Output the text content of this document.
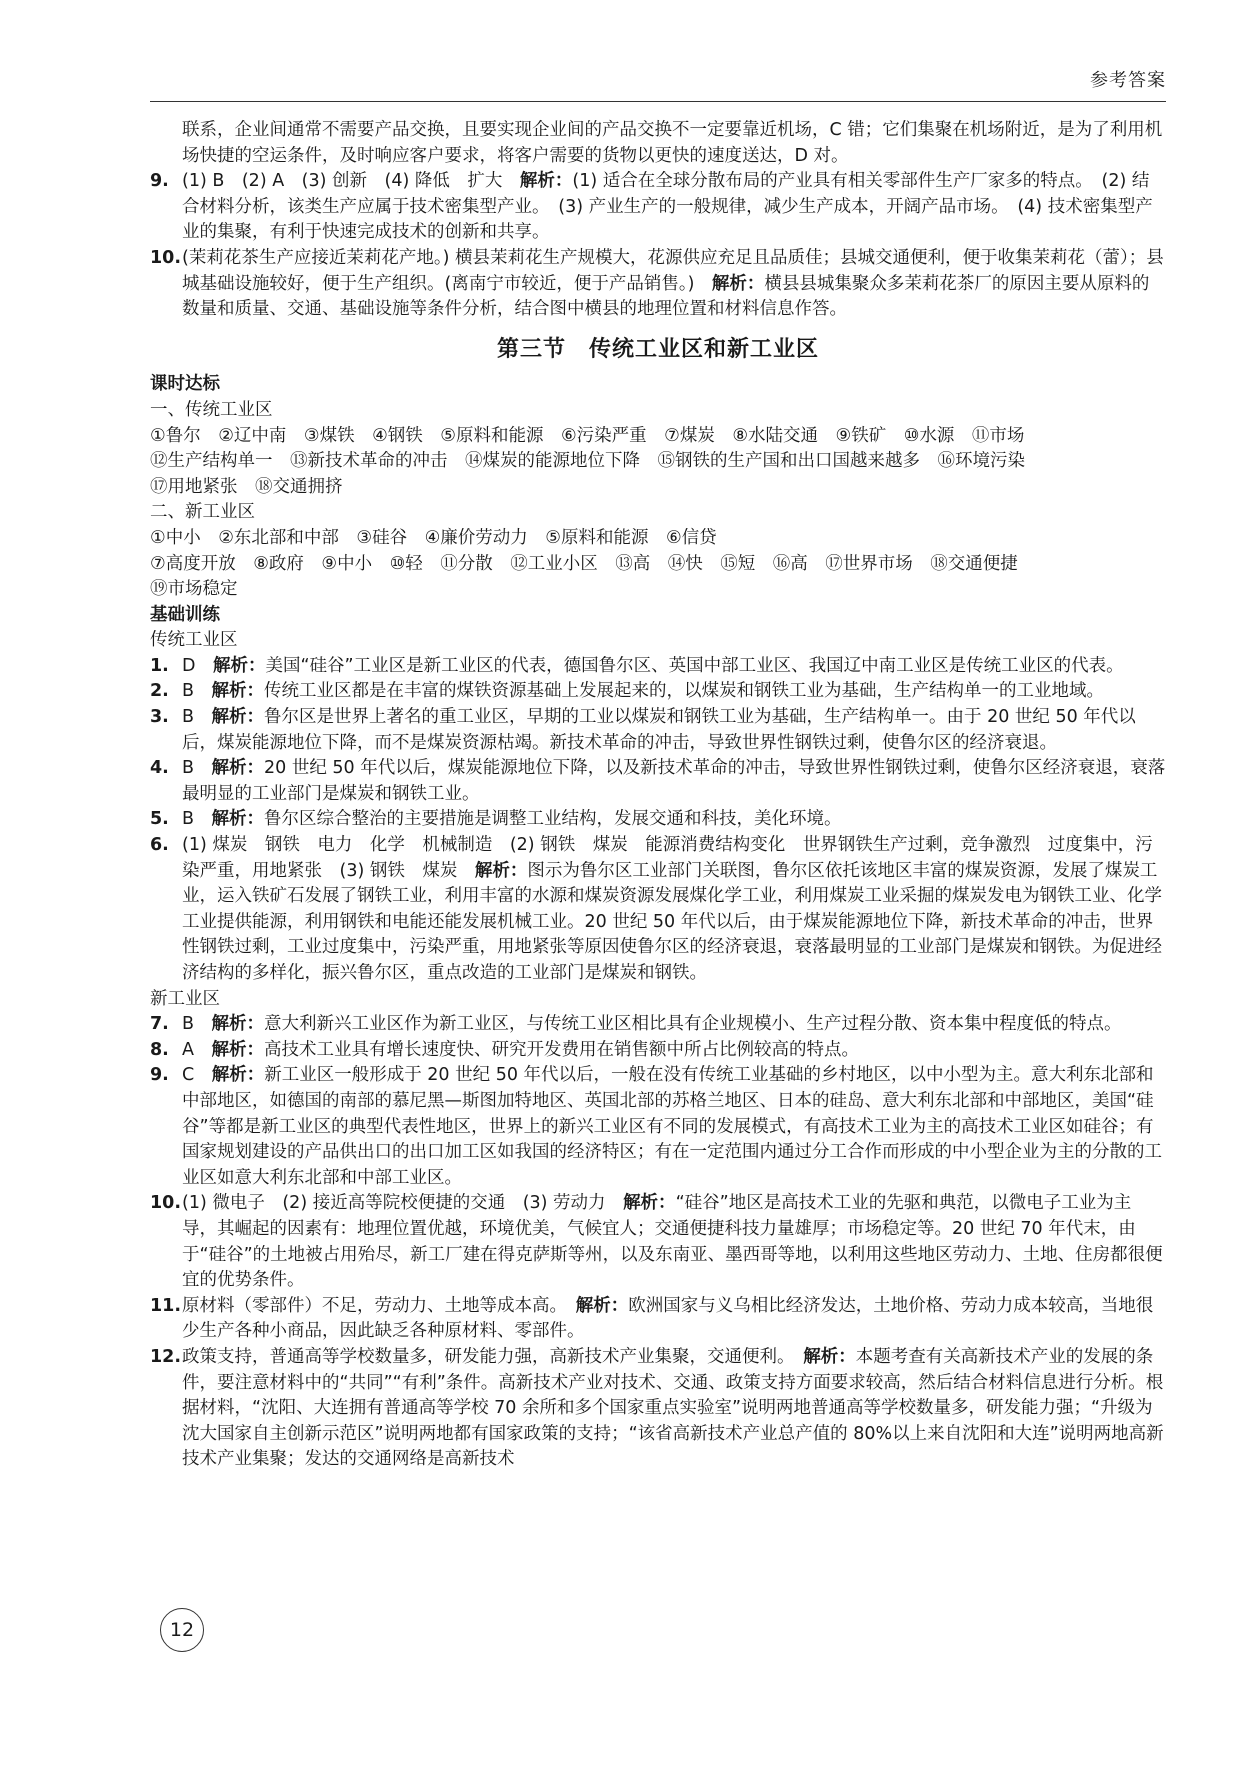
参考答案

联系，企业间通常不需要产品交换，且要实现企业间的产品交换不一定要靠近机场，C 错；它们集聚在机场附近，是为了利用机场快捷的空运条件，及时响应客户要求，将客户需要的货物以更快的速度送达，D 对。

9. (1) B　(2) A　(3) 创新　(4) 降低　扩大　解析：(1) 适合在全球分散布局的产业具有相关零部件生产厂家多的特点。　(2) 结合材料分析，该类生产应属于技术密集型产业。　(3) 产业生产的一般规律，减少生产成本，开阔产品市场。　(4) 技术密集型产业的集聚，有利于快速完成技术的创新和共享。
10. (茉莉花茶生产应接近茉莉花产地。) 横县茉莉花生产规模大，花源供应充足且品质佳；县城交通便利，便于收集茉莉花（蕾）；县城基础设施较好，便于生产组织。(离南宁市较近，便于产品销售。)　解析：横县县城集聚众多茉莉花茶厂的原因主要从原料的数量和质量、交通、基础设施等条件分析，结合图中横县的地理位置和材料信息作答。
第三节　传统工业区和新工业区
课时达标
一、传统工业区
①鲁尔　②辽中南　③煤铁　④钢铁　⑤原料和能源　⑥污染严重　⑦煤炭　⑧水陆交通　⑨铁矿　⑩水源　⑪市场
⑫生产结构单一　⑬新技术革命的冲击　⑭煤炭的能源地位下降　⑮钢铁的生产国和出口国越来越多　⑯环境污染
⑰用地紧张　⑱交通拥挤
二、新工业区
①中小　②东北部和中部　③硅谷　④廉价劳动力　⑤原料和能源　⑥信贷
⑦高度开放　⑧政府　⑨中小　⑩轻　⑪分散　⑫工业小区　⑬高　⑭快　⑮短　⑯高　⑰世界市场　⑱交通便捷
⑲市场稳定
基础训练
传统工业区
1. D　解析：美国“硅谷”工业区是新工业区的代表，德国鲁尔区、英国中部工业区、我国辽中南工业区是传统工业区的代表。
2. B　解析：传统工业区都是在丰富的煤铁资源基础上发展起来的，以煤炭和钢铁工业为基础，生产结构单一的工业地域。
3. B　解析：鲁尔区是世界上著名的重工业区，早期的工业以煤炭和钢铁工业为基础，生产结构单一。由于 20 世纪 50 年代以后，煤炭能源地位下降，而不是煤炭资源枯竭。新技术革命的冲击，导致世界性钢铁过剩，使鲁尔区的经济衰退。
4. B　解析：20 世纪 50 年代以后，煤炭能源地位下降，以及新技术革命的冲击，导致世界性钢铁过剩，使鲁尔区经济衰退，衰落最明显的工业部门是煤炭和钢铁工业。
5. B　解析：鲁尔区综合整治的主要措施是调整工业结构，发展交通和科技，美化环境。
6. (1) 煤炭　钢铁　电力　化学　机械制造　(2) 钢铁　煤炭　能源消费结构变化　世界钢铁生产过剩，竞争激烈　过度集中，污染严重，用地紧张　(3) 钢铁　煤炭　解析：图示为鲁尔区工业部门关联图，鲁尔区依托该地区丰富的煤炭资源，发展了煤炭工业，运入铁矿石发展了钢铁工业，利用丰富的水源和煤炭资源发展煤化学工业，利用煤炭工业采掘的煤炭发电为钢铁工业、化学工业提供能源，利用钢铁和电能还能发展机械工业。20 世纪 50 年代以后，由于煤炭能源地位下降，新技术革命的冲击，世界性钢铁过剩，工业过度集中，污染严重，用地紧张等原因使鲁尔区的经济衰退，衰落最明显的工业部门是煤炭和钢铁。为促进经济结构的多样化，振兴鲁尔区，重点改造的工业部门是煤炭和钢铁。
新工业区
7. B　解析：意大利新兴工业区作为新工业区，与传统工业区相比具有企业规模小、生产过程分散、资本集中程度低的特点。
8. A　解析：高技术工业具有增长速度快、研究开发费用在销售额中所占比例较高的特点。
9. C　解析：新工业区一般形成于 20 世纪 50 年代以后，一般在没有传统工业基础的乡村地区，以中小型为主。意大利东北部和中部地区，如德国的南部的慕尼黑—斯图加特地区、英国北部的苏格兰地区、日本的硅岛、意大利东北部和中部地区，美国“硅谷”等都是新工业区的典型代表性地区，世界上的新兴工业区有不同的发展模式，有高技术工业为主的高技术工业区如硅谷；有国家规划建设的产品供出口的出口加工区如我国的经济特区；有在一定范围内通过分工合作而形成的中小型企业为主的分散的工业区如意大利东北部和中部工业区。
10. (1) 微电子　(2) 接近高等院校便捷的交通　(3) 劳动力　解析：“硅谷”地区是高技术工业的先驱和典范，以微电子工业为主导，其崛起的因素有：地理位置优越，环境优美，气候宜人；交通便捷科技力量雄厚；市场稳定等。20 世纪 70 年代末，由于“硅谷”的土地被占用殆尽，新工厂建在得克萨斯等州，以及东南亚、墨西哥等地，以利用这些地区劳动力、土地、住房都很便宜的优势条件。
11. 原材料（零部件）不足，劳动力、土地等成本高。　解析：欧洲国家与义乌相比经济发达，土地价格、劳动力成本较高，当地很少生产各种小商品，因此缺乏各种原材料、零部件。
12. 政策支持，普通高等学校数量多，研发能力强，高新技术产业集聚，交通便利。　解析：本题考查有关高新技术产业的发展的条件，要注意材料中的“共同”“有利”条件。高新技术产业对技术、交通、政策支持方面要求较高，然后结合材料信息进行分析。根据材料，“沈阳、大连拥有普通高等学校 70 余所和多个国家重点实验室”说明两地普通高等学校数量多，研发能力强；“升级为沈大国家自主创新示范区”说明两地都有国家政策的支持；“该省高新技术产业总产值的 80%以上来自沈阳和大连”说明两地高新技术产业集聚；发达的交通网络是高新技术
12
